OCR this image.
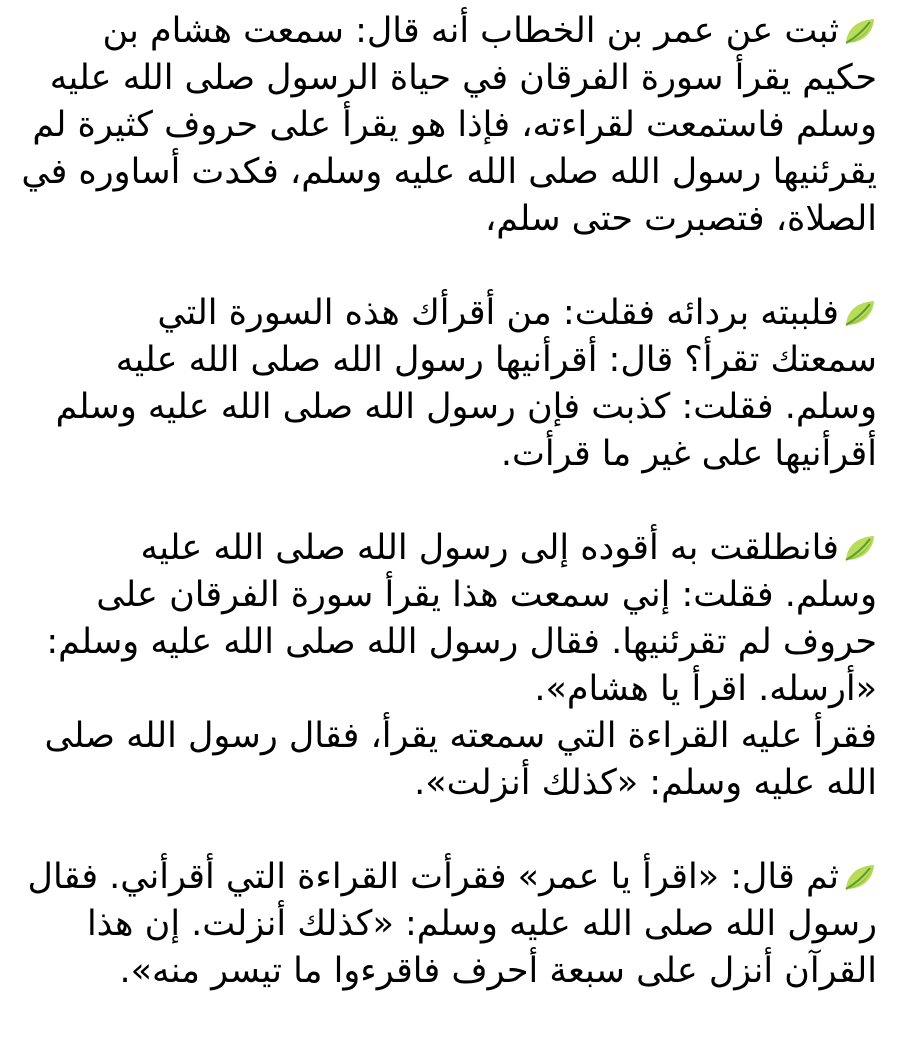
ثبت عن عمر بن الخطاب أنه قال: سمعت هشام بن
حكيم يقرأ سورة الفرقان في حياة الرسول صلى الله عليه
وسلم فاستمعت لقراءته، فإذا هو يقرأ على حروف كثيرة لم
يقرئنيها رسول الله صلى الله عليه وسلم، فكدت أساوره في
الصلاة، فتصبرت حتى سلم،
فلببته بردائه فقلت: من أقرأك هذه السورة التي
سمعتك تقرأ؟ قال: أقرأنيها رسول الله صلى الله عليه
وسلم. فقلت: كذبت فإن رسول الله صلى الله عليه وسلم
أقرأنيها على غير ما قرأت.
فانطلقت به أقوده إلى رسول الله صلى الله عليه
وسلم. فقلت: إني سمعت هذا يقرأ سورة الفرقان على
حروف لم تقرئنيها. فقال رسول الله صلى الله عليه وسلم:
«أرسله. اقرأ يا هشام».
فقرأ عليه القراءة التي سمعته يقرأ، فقال رسول الله صلى
الله عليه وسلم: «كذلك أنزلت».
ثم قال: «اقرأ يا عمر» فقرأت القراءة التي أقرأني. فقال
رسول الله صلى الله عليه وسلم: «كذلك أنزلت. إن هذا
القرآن أنزل على سبعة أحرف فاقرءوا ما تيسر منه».
